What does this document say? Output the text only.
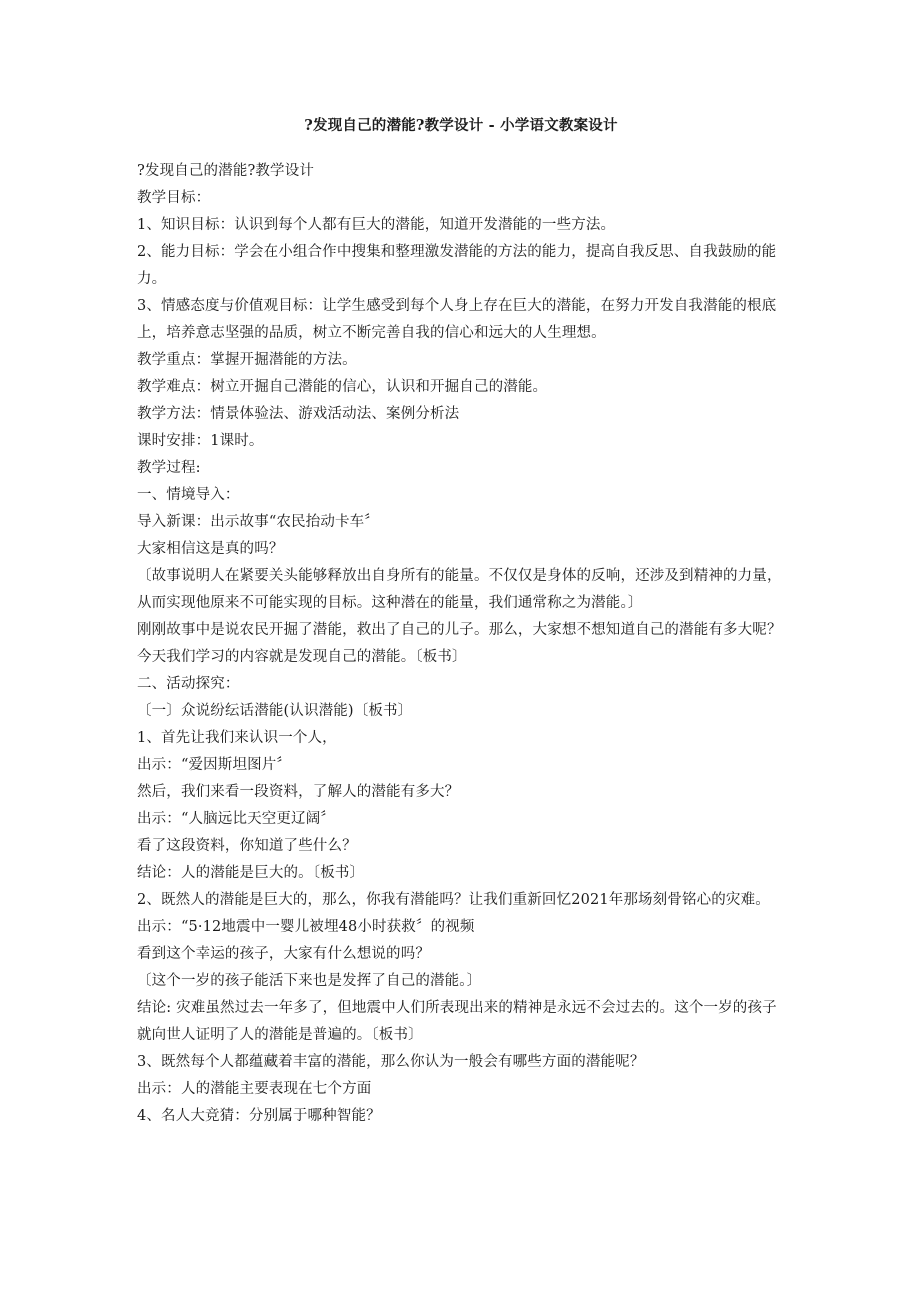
?发现自己的潜能?教学设计 - 小学语文教案设计

?发现自己的潜能?教学设计

教学目标：

1、知识目标：认识到每个人都有巨大的潜能，知道开发潜能的一些方法。

2、能力目标：学会在小组合作中搜集和整理激发潜能的方法的能力，提高自我反思、自我鼓励的能力。

3、情感态度与价值观目标：让学生感受到每个人身上存在巨大的潜能，在努力开发自我潜能的根底上，培养意志坚强的品质，树立不断完善自我的信心和远大的人生理想。

教学重点：掌握开掘潜能的方法。

教学难点：树立开掘自己潜能的信心，认识和开掘自己的潜能。

教学方法：情景体验法、游戏活动法、案例分析法

课时安排：1课时。

教学过程:

一、情境导入：

导入新课：出示故事“农民抬动卡车〞

大家相信这是真的吗？

〔故事说明人在紧要关头能够释放出自身所有的能量。不仅仅是身体的反响，还涉及到精神的力量，从而实现他原来不可能实现的目标。这种潜在的能量，我们通常称之为潜能。〕

刚刚故事中是说农民开掘了潜能，救出了自己的儿子。那么，大家想不想知道自己的潜能有多大呢？今天我们学习的内容就是发现自己的潜能。〔板书〕

二、活动探究：

〔一〕众说纷纭话潜能(认识潜能)〔板书〕

1、首先让我们来认识一个人，

出示：“爱因斯坦图片〞

然后，我们来看一段资料，了解人的潜能有多大？

出示：“人脑远比天空更辽阔〞

看了这段资料，你知道了些什么？

结论：人的潜能是巨大的。〔板书〕

2、既然人的潜能是巨大的，那么，你我有潜能吗？让我们重新回忆2021年那场刻骨铭心的灾难。

出示：“5·12地震中一婴儿被埋48小时获救〞的视频

看到这个幸运的孩子，大家有什么想说的吗？

〔这个一岁的孩子能活下来也是发挥了自己的潜能。〕

结论: 灾难虽然过去一年多了，但地震中人们所表现出来的精神是永远不会过去的。这个一岁的孩子就向世人证明了人的潜能是普遍的。〔板书〕

3、既然每个人都蕴藏着丰富的潜能，那么你认为一般会有哪些方面的潜能呢？

出示：人的潜能主要表现在七个方面

4、名人大竞猜：分别属于哪种智能？
